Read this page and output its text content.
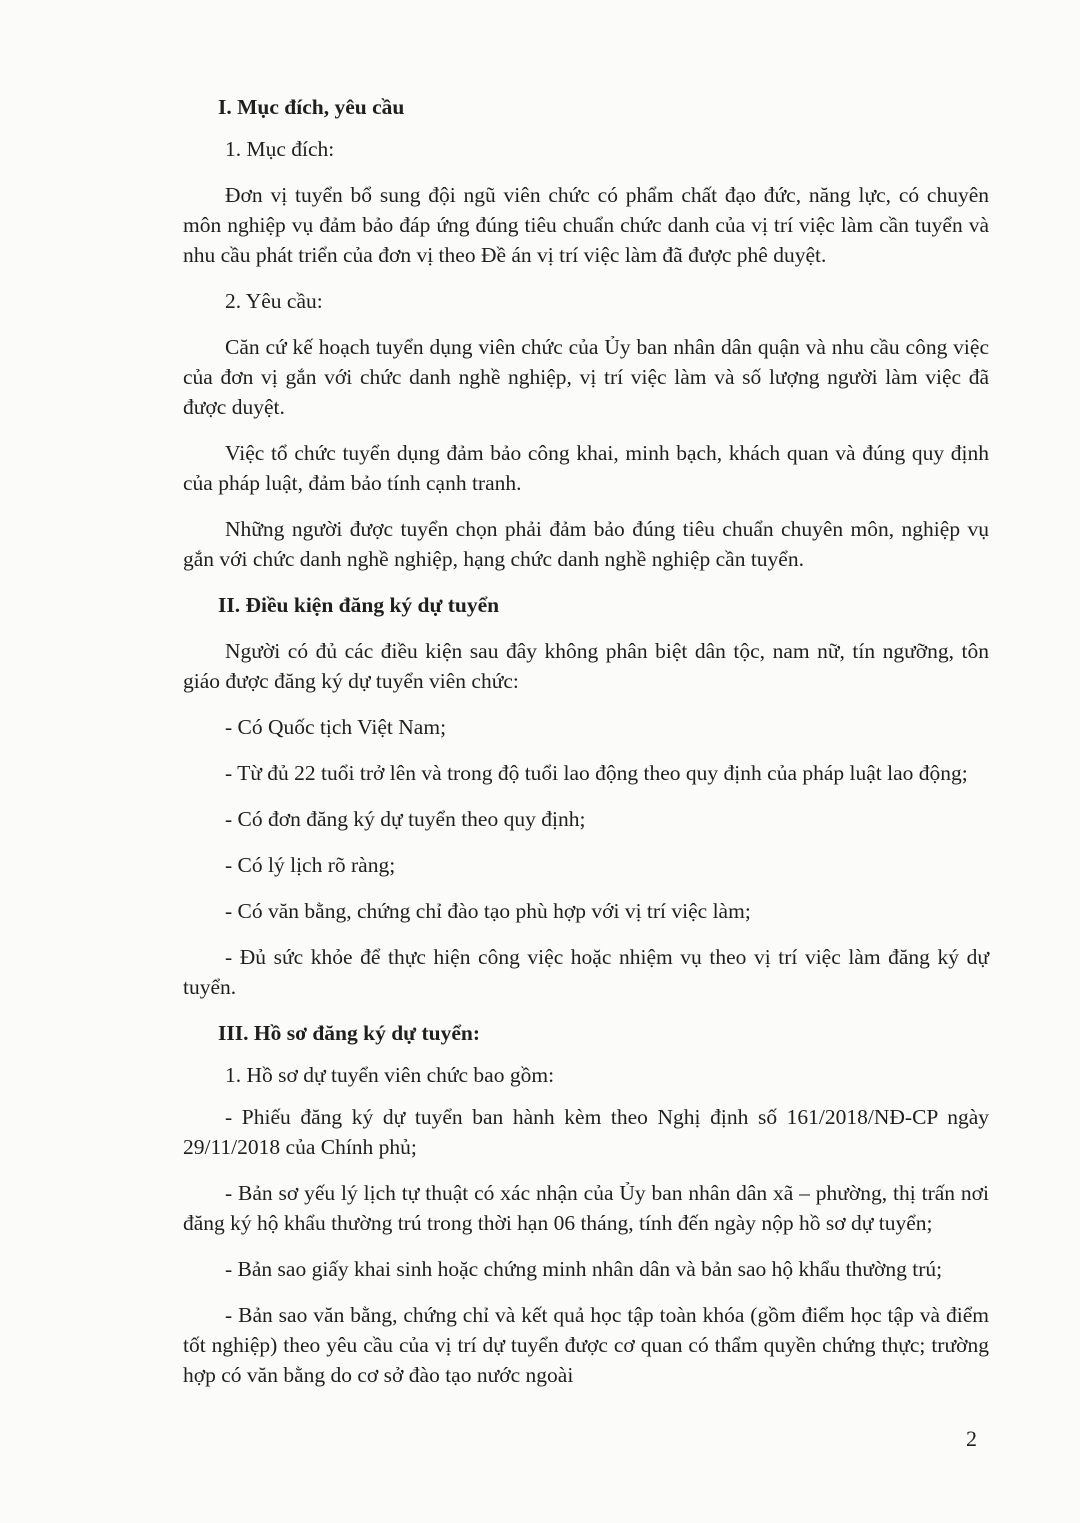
I. Mục đích, yêu cầu

1. Mục đích:

Đơn vị tuyển bổ sung đội ngũ viên chức có phẩm chất đạo đức, năng lực, có chuyên môn nghiệp vụ đảm bảo đáp ứng đúng tiêu chuẩn chức danh của vị trí việc làm cần tuyển và nhu cầu phát triển của đơn vị theo Đề án vị trí việc làm đã được phê duyệt.

2. Yêu cầu:

Căn cứ kế hoạch tuyển dụng viên chức của Ủy ban nhân dân quận và nhu cầu công việc của đơn vị gắn với chức danh nghề nghiệp, vị trí việc làm và số lượng người làm việc đã được duyệt.

Việc tổ chức tuyển dụng đảm bảo công khai, minh bạch, khách quan và đúng quy định của pháp luật, đảm bảo tính cạnh tranh.

Những người được tuyển chọn phải đảm bảo đúng tiêu chuẩn chuyên môn, nghiệp vụ gắn với chức danh nghề nghiệp, hạng chức danh nghề nghiệp cần tuyển.

II. Điều kiện đăng ký dự tuyển

Người có đủ các điều kiện sau đây không phân biệt dân tộc, nam nữ, tín ngưỡng, tôn giáo được đăng ký dự tuyển viên chức:

- Có Quốc tịch Việt Nam;

- Từ đủ 22 tuổi trở lên và trong độ tuổi lao động theo quy định của pháp luật lao động;

- Có đơn đăng ký dự tuyển theo quy định;

- Có lý lịch rõ ràng;

- Có văn bằng, chứng chỉ đào tạo phù hợp với vị trí việc làm;

- Đủ sức khỏe để thực hiện công việc hoặc nhiệm vụ theo vị trí việc làm đăng ký dự tuyển.

III. Hồ sơ đăng ký dự tuyển:

1. Hồ sơ dự tuyển viên chức bao gồm:

- Phiếu đăng ký dự tuyển ban hành kèm theo Nghị định số 161/2018/NĐ-CP ngày 29/11/2018 của Chính phủ;

- Bản sơ yếu lý lịch tự thuật có xác nhận của Ủy ban nhân dân xã – phường, thị trấn nơi đăng ký hộ khẩu thường trú trong thời hạn 06 tháng, tính đến ngày nộp hồ sơ dự tuyển;

- Bản sao giấy khai sinh hoặc chứng minh nhân dân và bản sao hộ khẩu thường trú;

- Bản sao văn bằng, chứng chỉ và kết quả học tập toàn khóa (gồm điểm học tập và điểm tốt nghiệp) theo yêu cầu của vị trí dự tuyển được cơ quan có thẩm quyền chứng thực; trường hợp có văn bằng do cơ sở đào tạo nước ngoài

2
